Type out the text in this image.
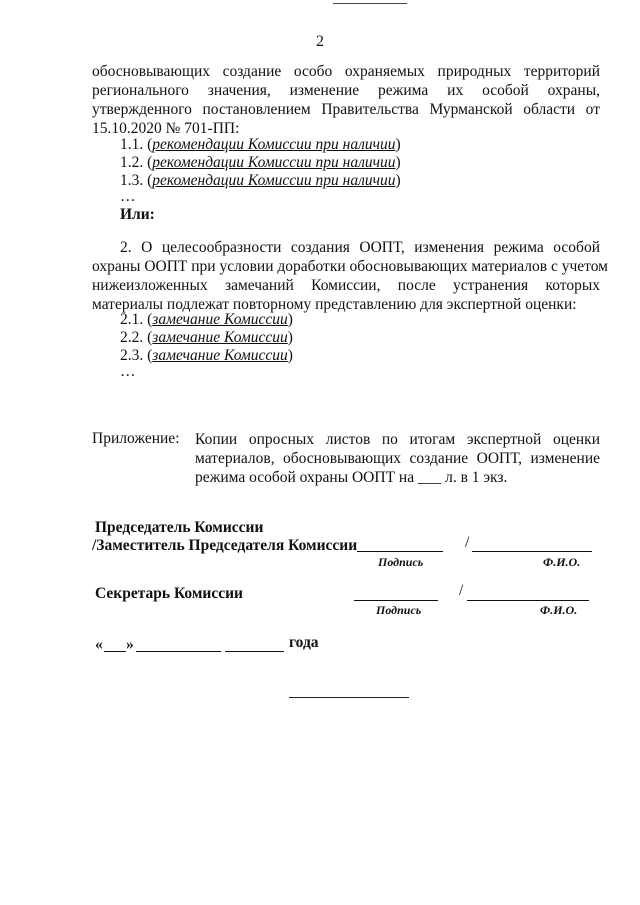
2
обосновывающих создание особо охраняемых природных территорий
регионального значения, изменение режима их особой охраны,
утвержденного постановлением Правительства Мурманской области от
15.10.2020 № 701-ПП:
1.1. (рекомендации Комиссии при наличии)
1.2. (рекомендации Комиссии при наличии)
1.3. (рекомендации Комиссии при наличии)
…
Или:
2. О целесообразности создания ООПТ, изменения режима особой
охраны ООПТ при условии доработки обосновывающих материалов с учетом
нижеизложенных замечаний Комиссии, после устранения которых
материалы подлежат повторному представлению для экспертной оценки:
2.1. (замечание Комиссии)
2.2. (замечание Комиссии)
2.3. (замечание Комиссии)
…
Приложение: Копии опросных листов по итогам экспертной оценки
материалов, обосновывающих создание ООПТ, изменение
режима особой охраны ООПТ на ___ л. в 1 экз.
Председатель Комиссии
/Заместитель Председателя Комиссии	/
Подпись	Ф.И.О.
Секретарь Комиссии	/
Подпись	Ф.И.О.
« »	года
